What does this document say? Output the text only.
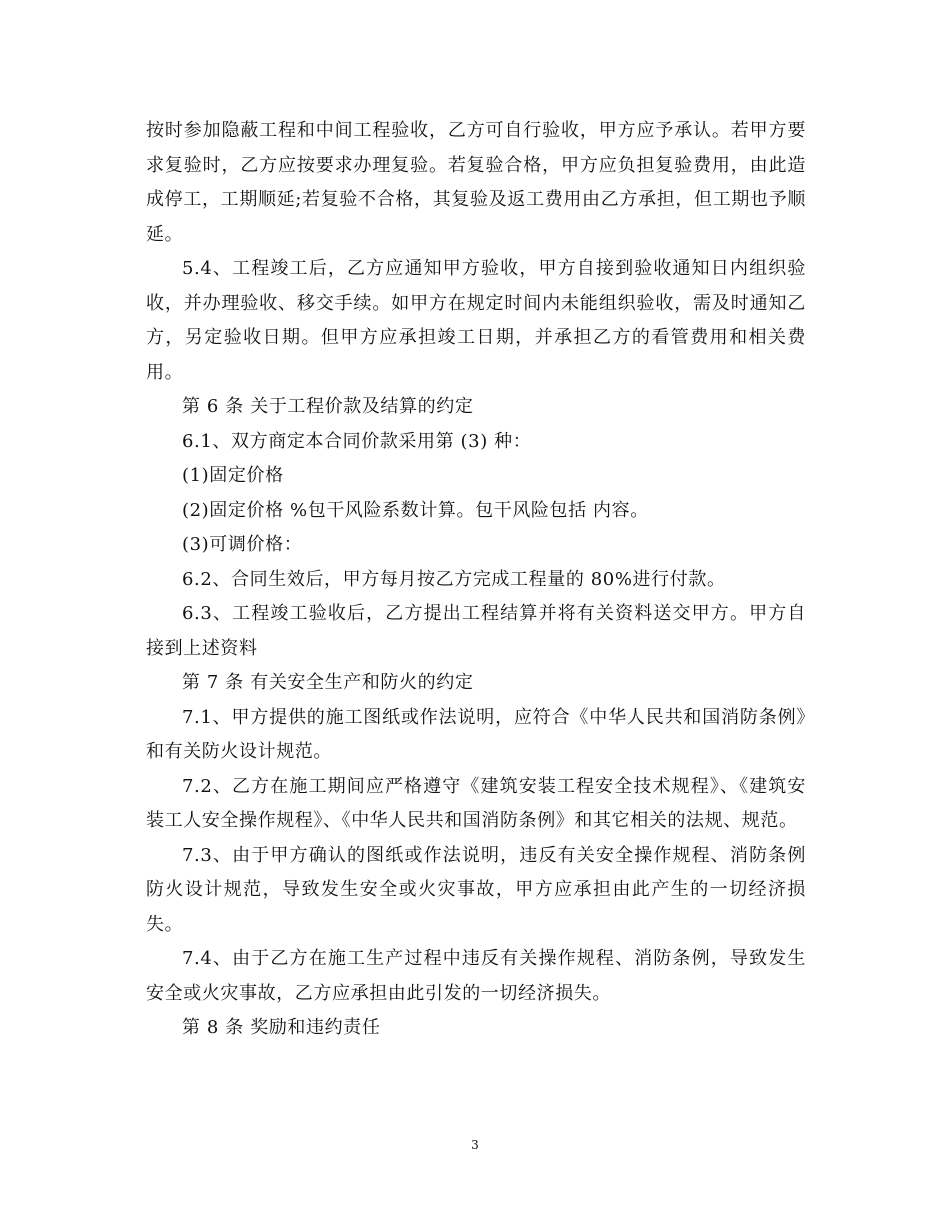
按时参加隐蔽工程和中间工程验收，乙方可自行验收，甲方应予承认。若甲方要求复验时，乙方应按要求办理复验。若复验合格，甲方应负担复验费用，由此造成停工，工期顺延;若复验不合格，其复验及返工费用由乙方承担，但工期也予顺延。

5.4、工程竣工后，乙方应通知甲方验收，甲方自接到验收通知日内组织验收，并办理验收、移交手续。如甲方在规定时间内未能组织验收，需及时通知乙方，另定验收日期。但甲方应承担竣工日期，并承担乙方的看管费用和相关费用。

第 6 条 关于工程价款及结算的约定

6.1、双方商定本合同价款采用第 (3) 种：

(1)固定价格

(2)固定价格 %包干风险系数计算。包干风险包括 内容。

(3)可调价格：

6.2、合同生效后，甲方每月按乙方完成工程量的 80%进行付款。

6.3、工程竣工验收后，乙方提出工程结算并将有关资料送交甲方。甲方自接到上述资料

第 7 条 有关安全生产和防火的约定

7.1、甲方提供的施工图纸或作法说明，应符合《中华人民共和国消防条例》和有关防火设计规范。

7.2、乙方在施工期间应严格遵守《建筑安装工程安全技术规程》、《建筑安装工人安全操作规程》、《中华人民共和国消防条例》和其它相关的法规、规范。

7.3、由于甲方确认的图纸或作法说明，违反有关安全操作规程、消防条例防火设计规范，导致发生安全或火灾事故，甲方应承担由此产生的一切经济损失。

7.4、由于乙方在施工生产过程中违反有关操作规程、消防条例，导致发生安全或火灾事故，乙方应承担由此引发的一切经济损失。

第 8 条 奖励和违约责任

3
